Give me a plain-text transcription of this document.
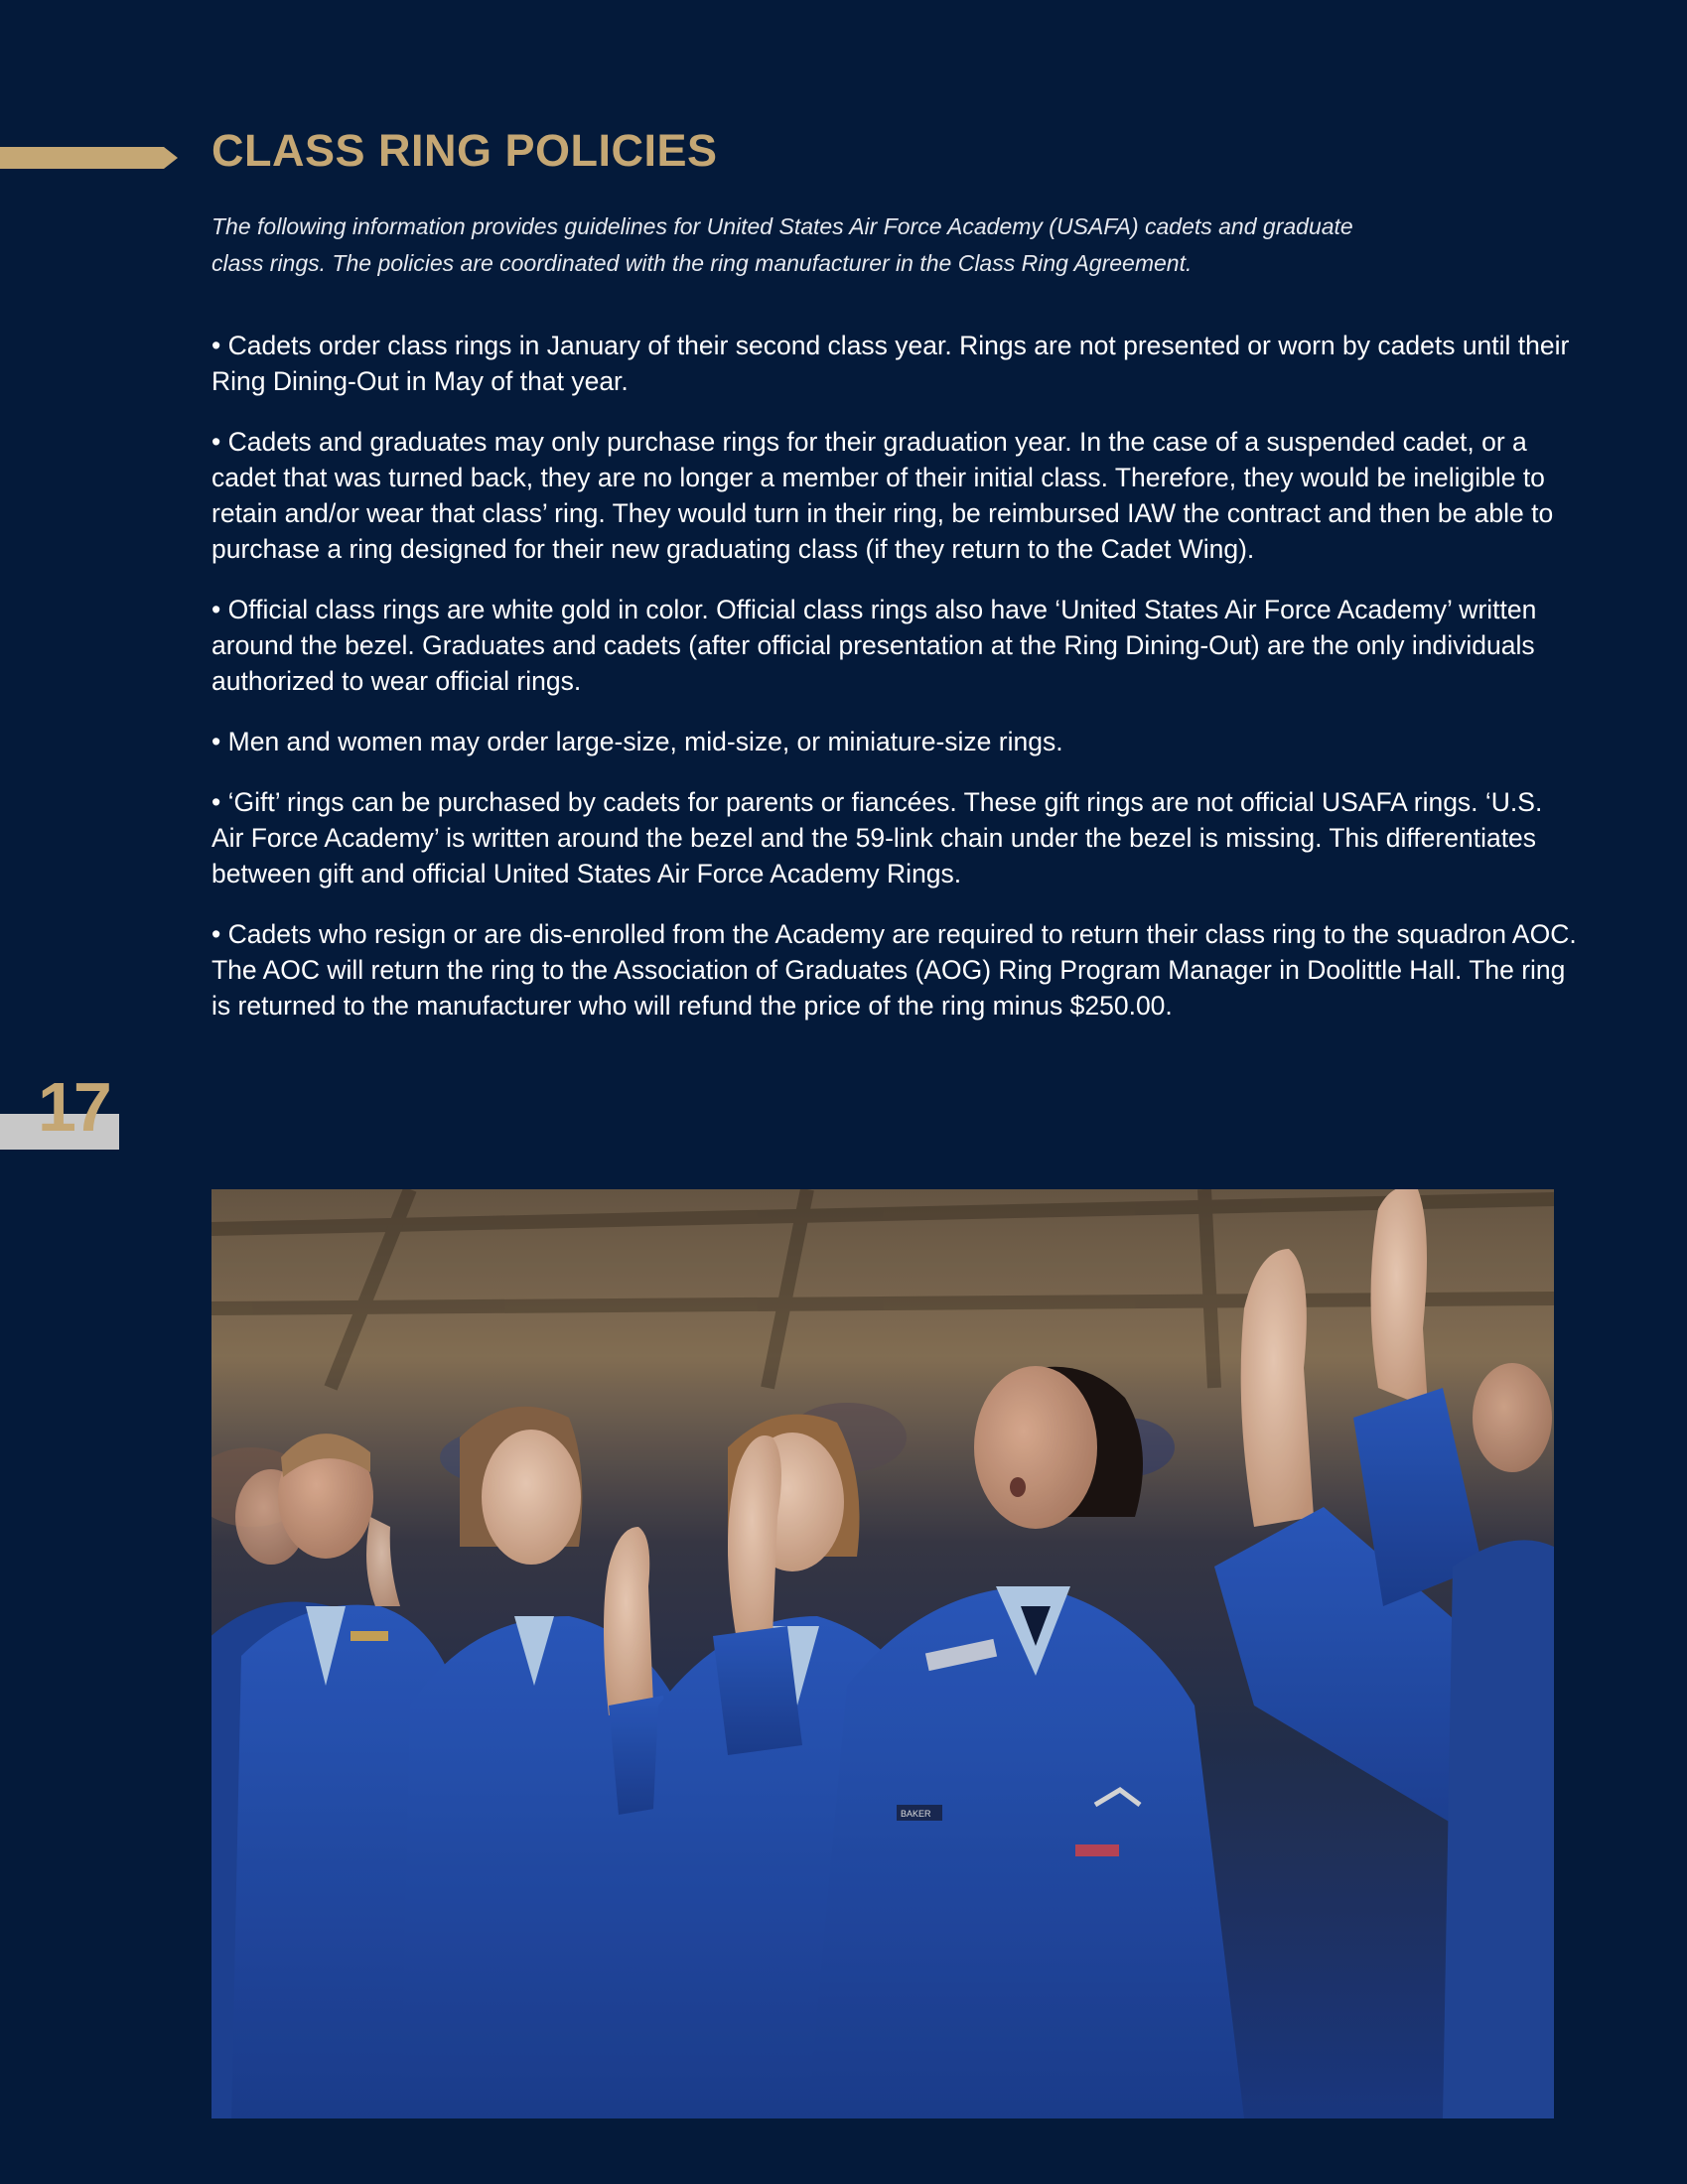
CLASS RING POLICIES

The following information provides guidelines for United States Air Force Academy (USAFA) cadets and graduate class rings. The policies are coordinated with the ring manufacturer in the Class Ring Agreement.

• Cadets order class rings in January of their second class year. Rings are not presented or worn by cadets until their Ring Dining-Out in May of that year.
• Cadets and graduates may only purchase rings for their graduation year. In the case of a suspended cadet, or a cadet that was turned back, they are no longer a member of their initial class. Therefore, they would be ineligible to retain and/or wear that class’ ring. They would turn in their ring, be reimbursed IAW the contract and then be able to purchase a ring designed for their new graduating class (if they return to the Cadet Wing).
• Official class rings are white gold in color. Official class rings also have ‘United States Air Force Academy’ written around the bezel. Graduates and cadets (after official presentation at the Ring Dining-Out) are the only individuals authorized to wear official rings.
• Men and women may order large-size, mid-size, or miniature-size rings.
• ‘Gift’ rings can be purchased by cadets for parents or fiancées. These gift rings are not official USAFA rings. ‘U.S. Air Force Academy’ is written around the bezel and the 59-link chain under the bezel is missing. This differentiates between gift and official United States Air Force Academy Rings.
• Cadets who resign or are dis-enrolled from the Academy are required to return their class ring to the squadron AOC. The AOC will return the ring to the Association of Graduates (AOG) Ring Program Manager in Doolittle Hall. The ring is returned to the manufacturer who will refund the price of the ring minus $250.00.
17
BAKER
